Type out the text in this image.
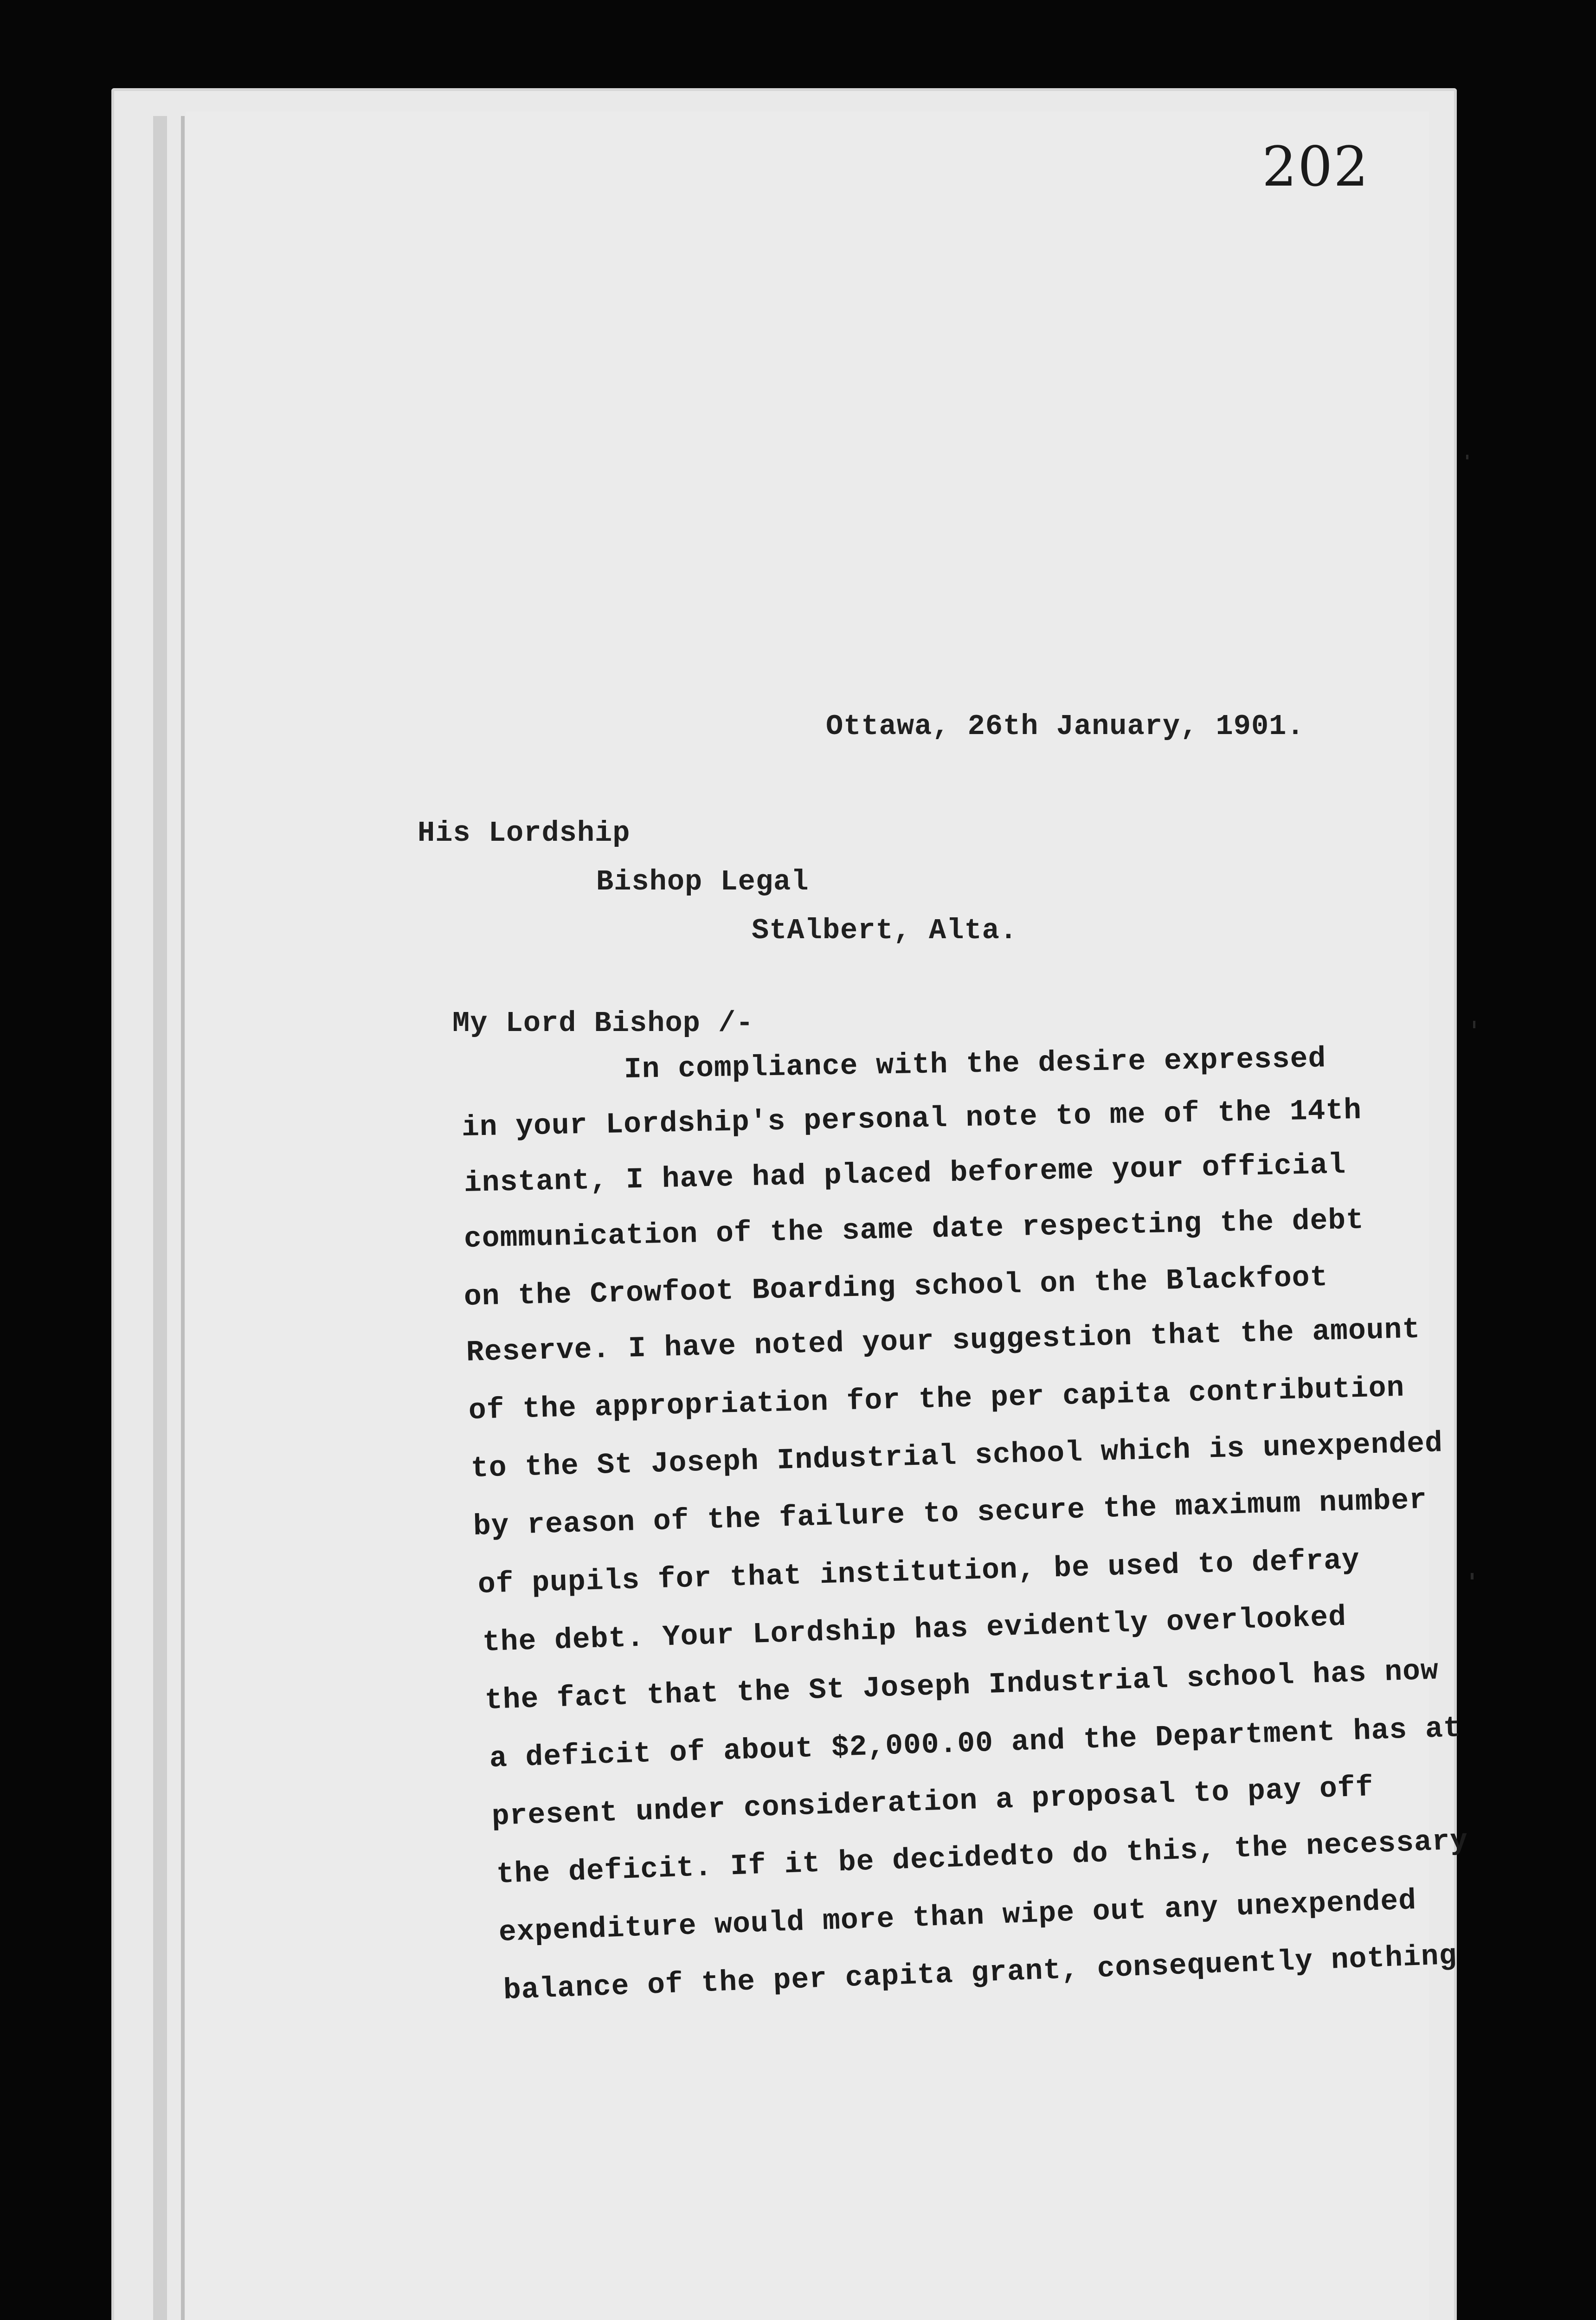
202
Ottawa, 26th January, 1901.
His Lordship
Bishop Legal
StAlbert, Alta.
My Lord Bishop /-
In compliance with the desire expressed
in your Lordship's personal note to me of the 14th
instant, I have had placed beforeme your official
communication of the same date respecting the debt
on the Crowfoot Boarding school on the Blackfoot
Reserve. I have noted your suggestion that the amount
of the appropriation for the per capita contribution
to the St Joseph Industrial school which is unexpended
by reason of the failure to secure the maximum number
of pupils for that institution, be used to defray
the debt. Your Lordship has evidently overlooked
the fact that the St Joseph Industrial school has now
a deficit of about $2,000.00 and the Department has at
present under consideration a proposal to pay off
the deficit. If it be decidedto do this, the necessary
expenditure would more than wipe out any unexpended
balance of the per capita grant, consequently nothing
